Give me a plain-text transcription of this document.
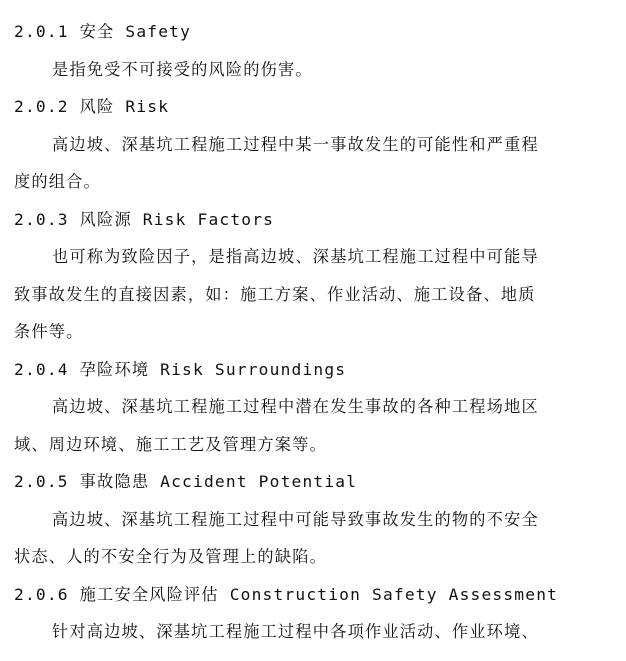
2.0.1 安全 Safety
是指免受不可接受的风险的伤害。
2.0.2 风险 Risk
高边坡、深基坑工程施工过程中某一事故发生的可能性和严重程
度的组合。
2.0.3 风险源 Risk Factors
也可称为致险因子，是指高边坡、深基坑工程施工过程中可能导
致事故发生的直接因素，如：施工方案、作业活动、施工设备、地质
条件等。
2.0.4 孕险环境 Risk Surroundings
高边坡、深基坑工程施工过程中潜在发生事故的各种工程场地区
域、周边环境、施工工艺及管理方案等。
2.0.5 事故隐患 Accident Potential
高边坡、深基坑工程施工过程中可能导致事故发生的物的不安全
状态、人的不安全行为及管理上的缺陷。
2.0.6 施工安全风险评估 Construction Safety Assessment
针对高边坡、深基坑工程施工过程中各项作业活动、作业环境、
